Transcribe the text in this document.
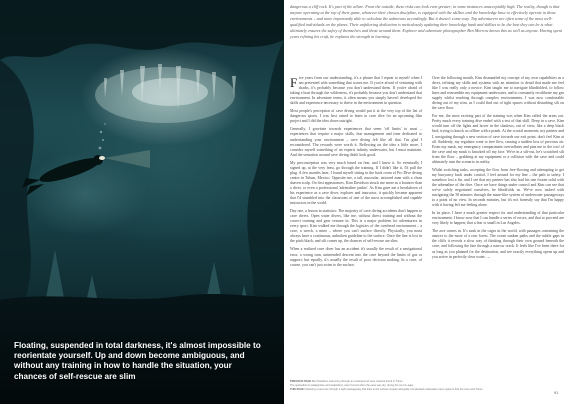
Floating, suspended in total darkness, it's almost impossible to reorientate yourself. Up and down become ambiguous, and without any training in how to handle the situation, your chances of self-rescue are slim

dangerous a cliff rock. It's part of the allure. From the outside, these risks can look even greater; in some instances unacceptably high. The reality, though is that anyone operating at the top of their game, whatever their chosen discipline, is equipped with the skillset and the knowledge base to effectively operate in those environments – and more importantly able to calculate the unknowns accordingly. But it doesn't come easy. Top adventurers are often some of the most well-qualified individuals on the planet. Their unfaltering dedication is meticulously updating their knowledge bank and skillset to be the best they can be is what ultimately ensures the safety of themselves and those around them. Explorer and adventure photographer Ben Morrow knows this as well as anyone. Having spent years refining his craft, he explains the strength in learning.

Five years from our understanding, it's a phrase that I repeat to myself when I am presented with something that scares me. If you're afraid of venturing with sharks, it's probably because you don't understand them. If you're afraid of taking a boat through the wilderness, it's probably because you don't understand that environment. In adventure terms, it often means you simply haven't developed the skills and experience necessary to thrive in the environment in question.

Most people's perception of cave diving would put it at the very top of the list of dangerous sports. I was first raised to learn to cave dive for an upcoming film project and I did the idea down outright.

Generally, I gravitate towards experiences that seem 'off limits' to most – experiences that require a major skills, fear management and time dedicated to understanding your environment – cave diving felt like all that. I'm glad I reconsidered. The rewards were worth it. Reflecting on the idea a little more, I consider myself something of an experts infinity underwater, but I must maintain. And the sensation around cave diving didn't look good.

My preconception was very much based on fear, and I knew it. So eventually I signed up, at the very least, go through the training. If I didn't like it, I'd pull the plug. A few months later, I found myself sitting in the back room of Pro Dive diving centre in Tulum, Mexico. Opposite me, a tall, muscular, tattooed man with a clean shaven scalp. On first appearances, Kim Davidson struck me more as a bouncer than a diver, or even a professional 'adrenaline junkie'. As Kim gave me a breakdown of his experience as a cave diver, explorer and instructor, it quickly became apparent that I'd stumbled into the classroom of one of the most accomplished and capable instructors in the world.

Day one, a lesson in statistics: The majority of cave diving accidents don't happen to cave divers. Open water divers, like me, without direct training and without the correct training and gear venture in. This is a major problem for adventurers in every sport. Kim walked me through the logistics of the overhead environment – a cave, a wreck, a mine – where you can't surface directly. Physically, you must always have a continuous, unbroken guideline to the surface. Once the line is lost in the pitch black, and silt comes up, the chances of self-rescue are slim.

When a realised cave diver has an accident it's usually the result of a navigational error, a wrong turn, unintended descent into the cave beyond the limits of gas or support; but equally, it's usually the result of poor decision making. In a cave, of course, you can't just swim to the surface.

Over the following month, Kim dismantled my concept of my own capabilities as a diver, refining my skills and systems with an attention to detail that made me feel like I was really only a novice. Kim taught me to navigate blindfolded, to follow lines and reassemble my equipment underwater, and to constantly recalibrate my gas supply whilst reaching through complex environments. I was now comfortable diving out of my trim, as I could find out of tight spaces without disturbing silt on the cave floor.

For me, the most exciting part of the training was when Kim called the areas out. Pretty much every training dive ended with a test of that skill. Deep in a cave, Kim would turn off the lights and hover in the shadows, out of view, like a deep black bird, trying to knock us offline with a prank. At the crucial moments, my partner and I, navigating through a new section of cave towards our exit point, don't feel Kim at all. Suddenly, my regulator went to free flow, causing a sudden loss of precious air. From my mask, my emergency compartment overinflates and pins me to the roof of the cave and my mask is knocked off my face. We're in a silt-out, he's scratched silt from the floor – grabbing at my equipment or a collision with the cave and could ultimately ruin the scenario in reality.

Whilst switching tasks, accepting the flow from free-flowing and attempting to get my buoyancy back under control, I feel around for my line – the path to safety. I somehow lost a fin, and I see that my partner has also had his one frozen solid with the adrenaline of the dive. Once we have things under control and Kim can see that we've safely negotiated ourselves, he blindfolds us. We've now tasked with navigating the 50 minutes through the maze-like system of underwater passageways to a point of no view. In seconds minutes, but it's not honestly say that I'm happy with it having left me feeling alone.

In its place, I have a much greater respect for and understanding of that particular environment. I know now that I can handle a series of errors, and that to proceed are very likely to happen; that a fear is small in Las Angeles.

The awe comes in. It's sunk in the cages in the world, with passages containing the answer to the more of a rear forest. The ocean sunken paths and the subtle gaps in the cliffs it reveals a slow way of thinking through their own ground beneath the cave, and following the line through a narrow crack. It feels like I've been there for as long as you planned for the destination, and see exactly everything opens up and you arrive in perfectly clear water. →

PREVIOUS PAGE Ben Davidson swimming through an underground cave network found in Tulum
The speleothems (stalagmites and stalactites), were formed when the cave was dry, during the Ice Ice ages
THIS PAGE Following a cave line through a tight passageway that links to the surface reveals alongside complicated underwater cave systems that the ones and Tulum
91
